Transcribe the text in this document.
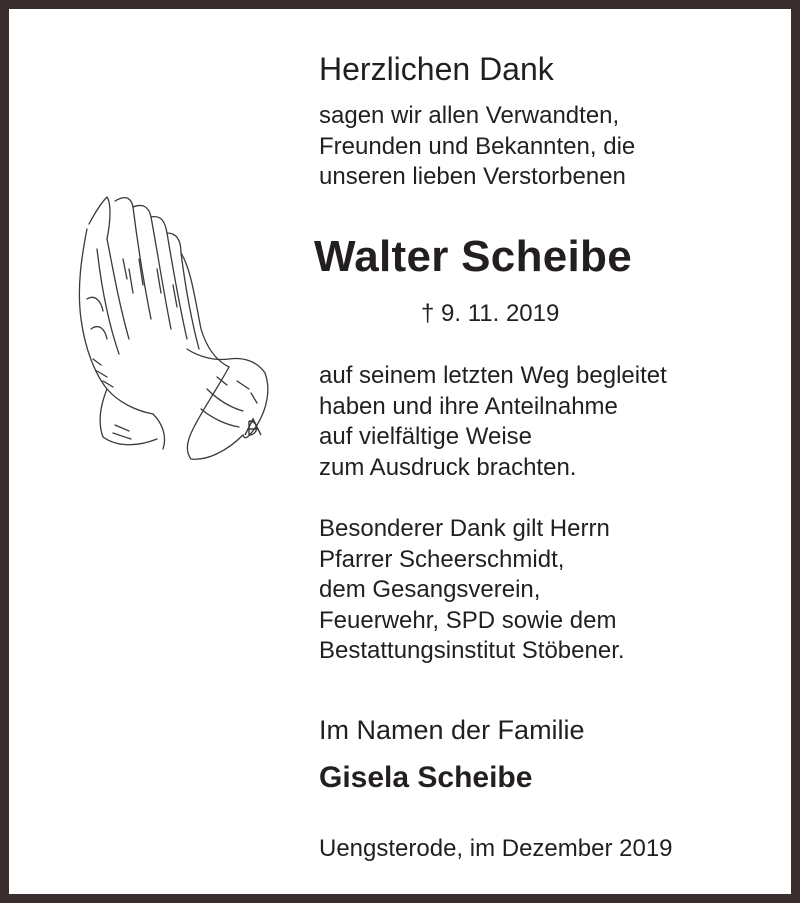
Herzlichen Dank
sagen wir allen Verwandten,
Freunden und Bekannten, die
unseren lieben Verstorbenen
Walter Scheibe
† 9. 11. 2019
auf seinem letzten Weg begleitet
haben und ihre Anteilnahme
auf vielfältige Weise
zum Ausdruck brachten.
Besonderer Dank gilt Herrn
Pfarrer Scheerschmidt,
dem Gesangsverein,
Feuerwehr, SPD sowie dem
Bestattungsinstitut Stöbener.
Im Namen der Familie
Gisela Scheibe
Uengsterode, im Dezember 2019
